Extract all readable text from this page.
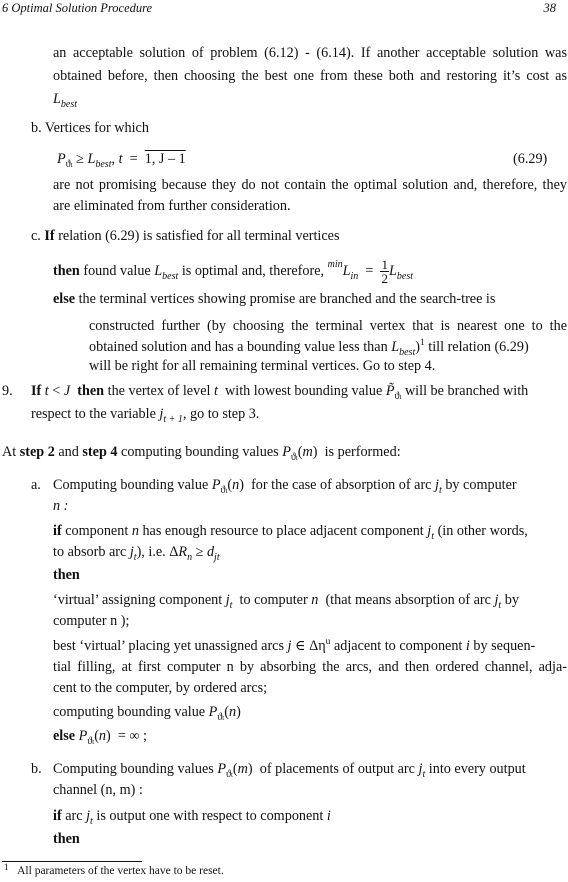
6 Optimal Solution Procedure	38
an acceptable solution of problem (6.12) - (6.14). If another acceptable solution was
obtained before, then choosing the best one from these both and restoring it’s cost as
$L_{best}$
b. Vertices for which
$P_{ϑt} \ge L_{best}$, t  =  1, J – 1	(6.29)
are not promising because they do not contain the optimal solution and, therefore, they
are eliminated from further consideration.
c. If relation (6.29) is satisfied for all terminal vertices
then found value $L_{best}$ is optimal and, therefore, $^{min}L_{in} = \frac{1}{2} L_{best}$
else the terminal vertices showing promise are branched and the search-tree is
constructed further (by choosing the terminal vertex that is nearest one to the
obtained solution and has a bounding value less than $L_{best})^1$ till relation (6.29)
will be right for all remaining terminal vertices. Go to step 4.
9. If t < J then the vertex of level t with lowest bounding value $P̃_{ϑt}$ will be branched with
respect to the variable $j_{t + 1}$, go to step 3.
At step 2 and step 4 computing bounding values $P_{ϑt}(m)$  is performed:
a. Computing bounding value $P_{ϑt}(n)$  for the case of absorption of arc $j_t$ by computer
n :
if component n has enough resource to place adjacent component $j_t$ (in other words,
to absorb arc $j_t$), i.e. $\Delta R_n \ge d_{jt}$
then
‘virtual’ assigning component $j_t$ to computer n (that means absorption of arc $j_t$ by
computer n );
best ‘virtual’ placing yet unassigned arcs j ∈ $\Delta\eta^u$ adjacent to component i by sequen-
tial filling, at first computer n by absorbing the arcs, and then ordered channel, adja-
cent to the computer, by ordered arcs;
computing bounding value $P_{ϑt}(n)$
else $P_{ϑt}(n)$  = ∞ ;
b. Computing bounding values $P_{ϑt}(m)$  of placements of output arc $j_t$ into every output
channel (n, m) :
if arc $j_t$ is output one with respect to component i
then
$^1$ All parameters of the vertex have to be reset.
